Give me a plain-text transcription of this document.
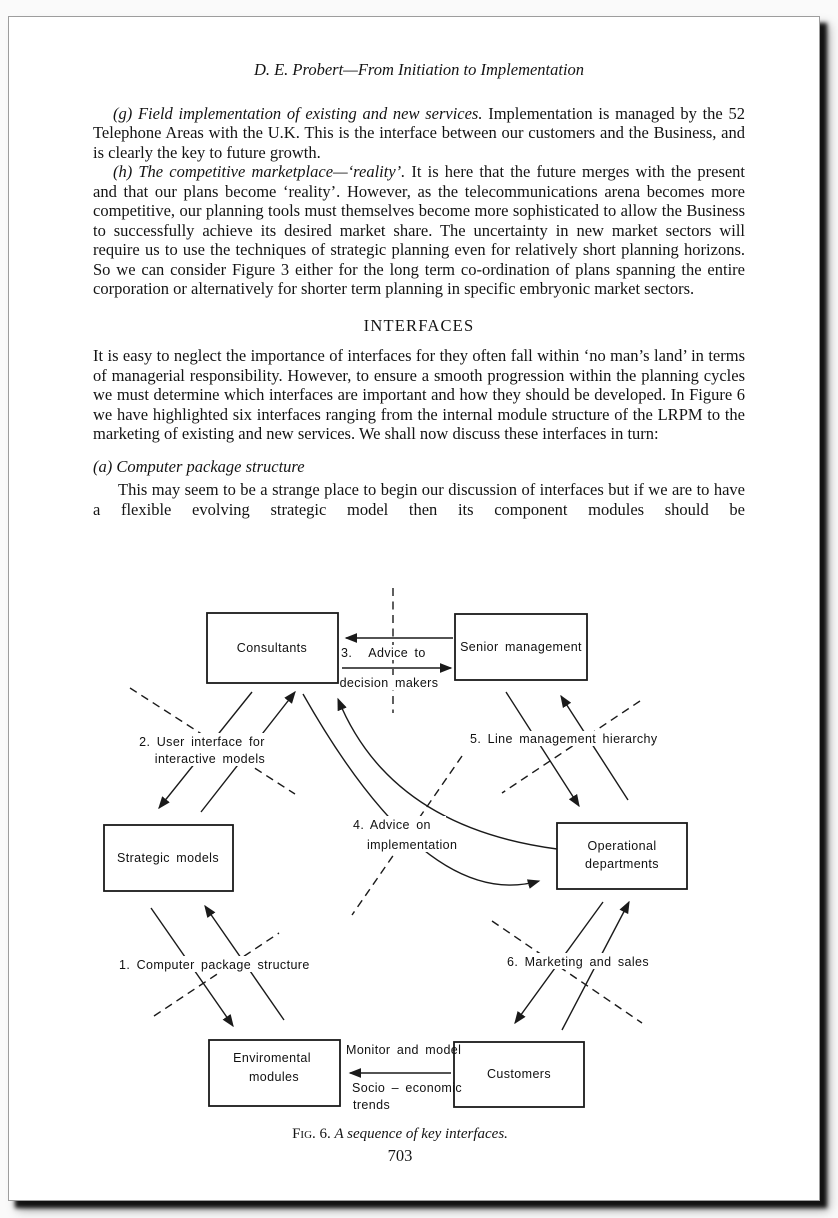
D. E. Probert—From Initiation to Implementation

(g) Field implementation of existing and new services. Implementation is managed by the 52 Telephone Areas with the U.K. This is the interface between our customers and the Business, and is clearly the key to future growth.

(h) The competitive marketplace—‘reality’. It is here that the future merges with the present and that our plans become ‘reality’. However, as the telecommunications arena becomes more competitive, our planning tools must themselves become more sophisticated to allow the Business to successfully achieve its desired market share. The uncertainty in new market sectors will require us to use the techniques of strategic planning even for relatively short planning horizons. So we can consider Figure 3 either for the long term co-ordination of plans spanning the entire corporation or alternatively for shorter term planning in specific embryonic market sectors.

INTERFACES

It is easy to neglect the importance of interfaces for they often fall within ‘no man’s land’ in terms of managerial responsibility. However, to ensure a smooth progression within the planning cycles we must determine which interfaces are important and how they should be developed. In Figure 6 we have highlighted six interfaces ranging from the internal module structure of the LRPM to the marketing of existing and new services. We shall now discuss these interfaces in turn:

(a) Computer package structure

This may seem to be a strange place to begin our discussion of interfaces but if we are to have a flexible evolving strategic model then its component modules should be

Consultants	Senior management
Strategic models
Operational
departments
Enviromental
modules	Customers
3. Advice to
decision makers
2. User interface for
interactive models
5. Line management hierarchy
4. Advice on
implementation
1. Computer package structure	6. Marketing and sales
Monitor and model
Socio – economic
trends
Fig. 6. A sequence of key interfaces.
703
